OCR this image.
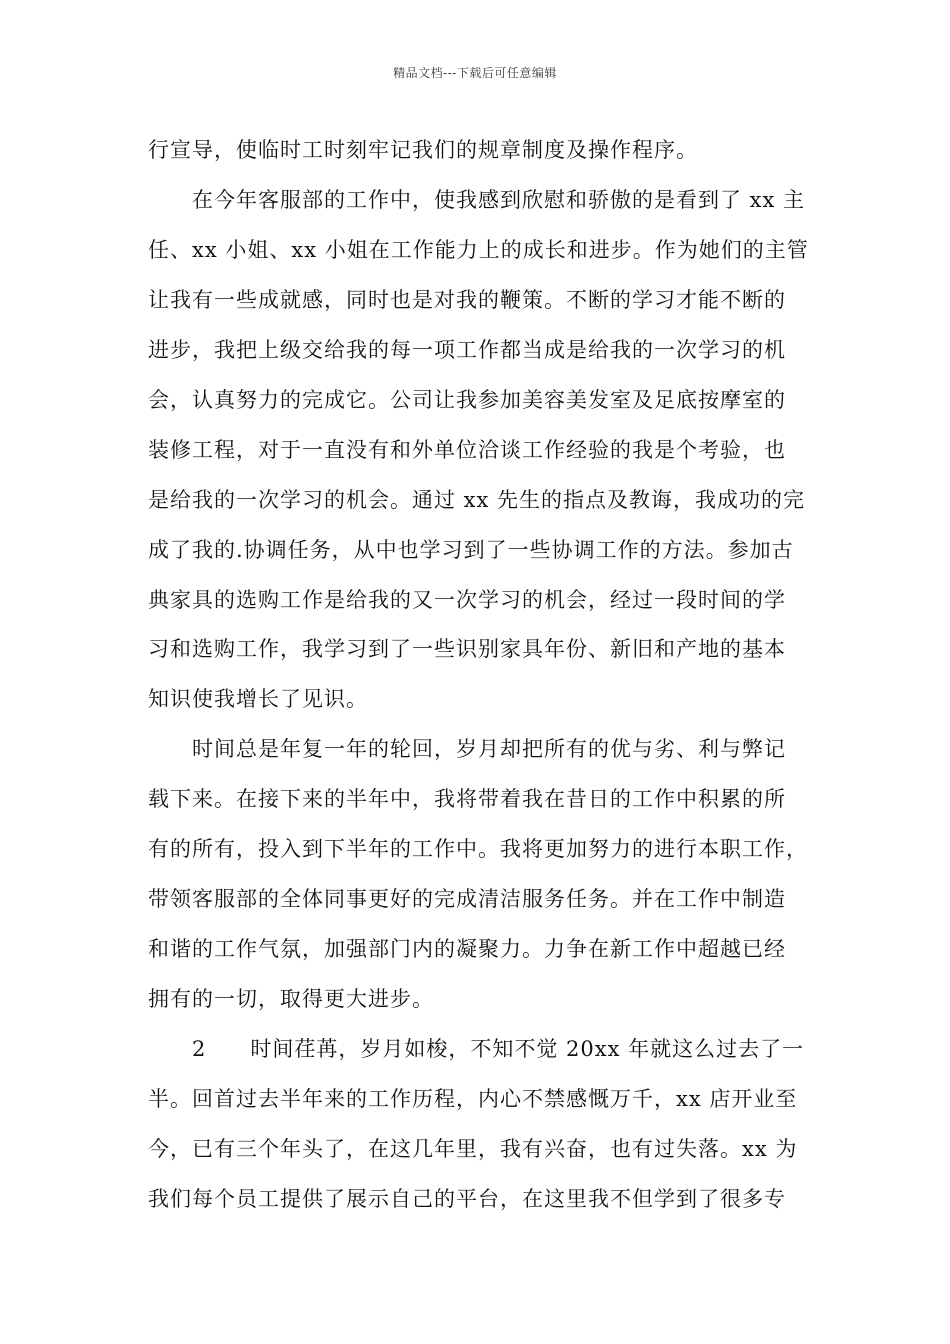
精品文档---下载后可任意编辑
行宣导，使临时工时刻牢记我们的规章制度及操作程序。
　　在今年客服部的工作中，使我感到欣慰和骄傲的是看到了 xx 主
任、xx 小姐、xx 小姐在工作能力上的成长和进步。作为她们的主管
让我有一些成就感，同时也是对我的鞭策。不断的学习才能不断的
进步，我把上级交给我的每一项工作都当成是给我的一次学习的机
会，认真努力的完成它。公司让我参加美容美发室及足底按摩室的
装修工程，对于一直没有和外单位洽谈工作经验的我是个考验，也
是给我的一次学习的机会。通过 xx 先生的指点及教诲，我成功的完
成了我的.协调任务，从中也学习到了一些协调工作的方法。参加古
典家具的选购工作是给我的又一次学习的机会，经过一段时间的学
习和选购工作，我学习到了一些识别家具年份、新旧和产地的基本
知识使我增长了见识。
　　时间总是年复一年的轮回，岁月却把所有的优与劣、利与弊记
载下来。在接下来的半年中，我将带着我在昔日的工作中积累的所
有的所有，投入到下半年的工作中。我将更加努力的进行本职工作，
带领客服部的全体同事更好的完成清洁服务任务。并在工作中制造
和谐的工作气氛，加强部门内的凝聚力。力争在新工作中超越已经
拥有的一切，取得更大进步。
　　2　　时间荏苒，岁月如梭，不知不觉 20xx 年就这么过去了一
半。回首过去半年来的工作历程，内心不禁感慨万千，xx 店开业至
今，已有三个年头了，在这几年里，我有兴奋，也有过失落。xx 为
我们每个员工提供了展示自己的平台，在这里我不但学到了很多专
